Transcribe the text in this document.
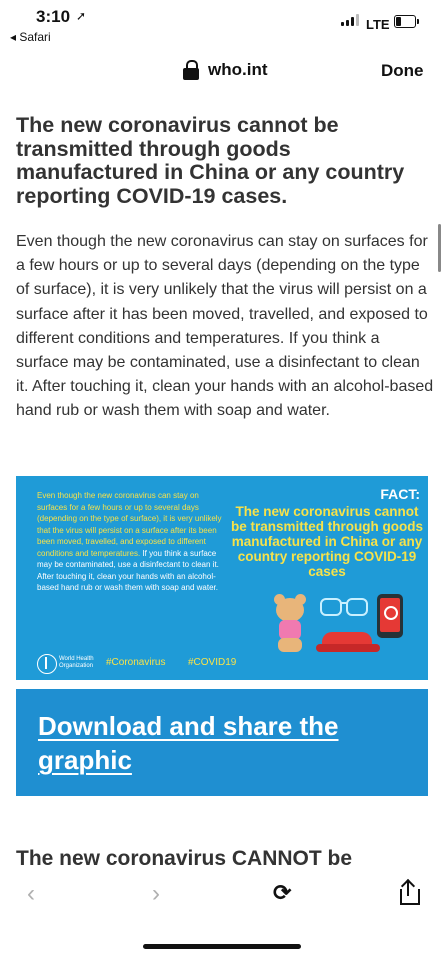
3:10 ➚
◂ Safari
LTE
who.int	Done
The new coronavirus cannot be transmitted through goods manufactured in China or any country reporting COVID-19 cases.

Even though the new coronavirus can stay on surfaces for a few hours or up to several days (depending on the type of surface), it is very unlikely that the virus will persist on a surface after it has been moved, travelled, and exposed to different conditions and temperatures. If you think a surface may be contaminated, use a disinfectant to clean it. After touching it, clean your hands with an alcohol-based hand rub or wash them with soap and water.

Even though the new coronavirus can stay on surfaces for a few hours or up to several days (depending on the type of surface), it is very unlikely that the virus will persist on a surface after its been been moved, travelled, and exposed to different conditions and temperatures. If you think a surface may be contaminated, use a disinfectant to clean it. After touching it, clean your hands with an alcohol-based hand rub or wash them with soap and water.
FACT:
The new coronavirus cannot be transmitted through goods manufactured in China or any country reporting COVID-19 cases
World Health Organization	#Coronavirus #COVID19
Download and share the graphic
The new coronavirus CANNOT be
‹	›	⟳
